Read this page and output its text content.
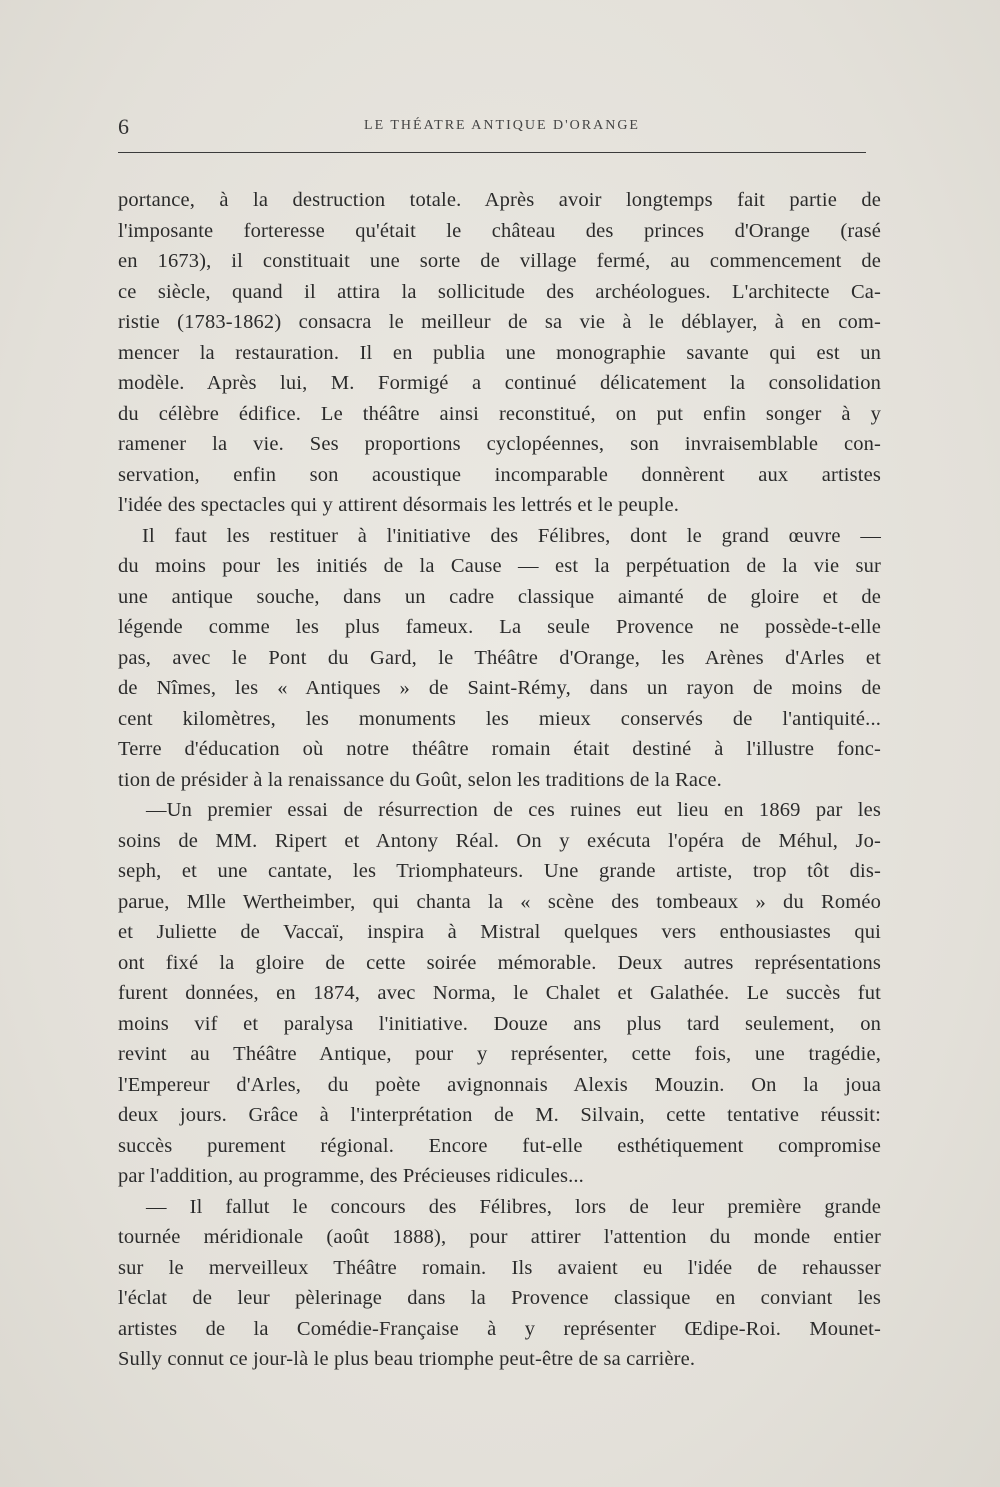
6	LE THÉATRE ANTIQUE D'ORANGE
portance, à la destruction totale. Après avoir longtemps fait partie de
l'imposante forteresse qu'était le château des princes d'Orange (rasé
en 1673), il constituait une sorte de village fermé, au commencement de
ce siècle, quand il attira la sollicitude des archéologues. L'architecte Ca-
ristie (1783-1862) consacra le meilleur de sa vie à le déblayer, à en com-
mencer la restauration. Il en publia une monographie savante qui est un
modèle. Après lui, M. Formigé a continué délicatement la consolidation
du célèbre édifice. Le théâtre ainsi reconstitué, on put enfin songer à y
ramener la vie. Ses proportions cyclopéennes, son invraisemblable con-
servation, enfin son acoustique incomparable donnèrent aux artistes
l'idée des spectacles qui y attirent désormais les lettrés et le peuple.
Il faut les restituer à l'initiative des Félibres, dont le grand œuvre —
du moins pour les initiés de la Cause — est la perpétuation de la vie sur
une antique souche, dans un cadre classique aimanté de gloire et de
légende comme les plus fameux. La seule Provence ne possède-t-elle
pas, avec le Pont du Gard, le Théâtre d'Orange, les Arènes d'Arles et
de Nîmes, les « Antiques » de Saint-Rémy, dans un rayon de moins de
cent kilomètres, les monuments les mieux conservés de l'antiquité...
Terre d'éducation où notre théâtre romain était destiné à l'illustre fonc-
tion de présider à la renaissance du Goût, selon les traditions de la Race.
—Un premier essai de résurrection de ces ruines eut lieu en 1869 par les
soins de MM. Ripert et Antony Réal. On y exécuta l'opéra de Méhul, Jo-
seph, et une cantate, les Triomphateurs. Une grande artiste, trop tôt dis-
parue, Mlle Wertheimber, qui chanta la « scène des tombeaux » du Roméo
et Juliette de Vaccaï, inspira à Mistral quelques vers enthousiastes qui
ont fixé la gloire de cette soirée mémorable. Deux autres représentations
furent données, en 1874, avec Norma, le Chalet et Galathée. Le succès fut
moins vif et paralysa l'initiative. Douze ans plus tard seulement, on
revint au Théâtre Antique, pour y représenter, cette fois, une tragédie,
l'Empereur d'Arles, du poète avignonnais Alexis Mouzin. On la joua
deux jours. Grâce à l'interprétation de M. Silvain, cette tentative réussit:
succès purement régional. Encore fut-elle esthétiquement compromise
par l'addition, au programme, des Précieuses ridicules...
— Il fallut le concours des Félibres, lors de leur première grande
tournée méridionale (août 1888), pour attirer l'attention du monde entier
sur le merveilleux Théâtre romain. Ils avaient eu l'idée de rehausser
l'éclat de leur pèlerinage dans la Provence classique en conviant les
artistes de la Comédie-Française à y représenter Œdipe-Roi. Mounet-
Sully connut ce jour-là le plus beau triomphe peut-être de sa carrière.
